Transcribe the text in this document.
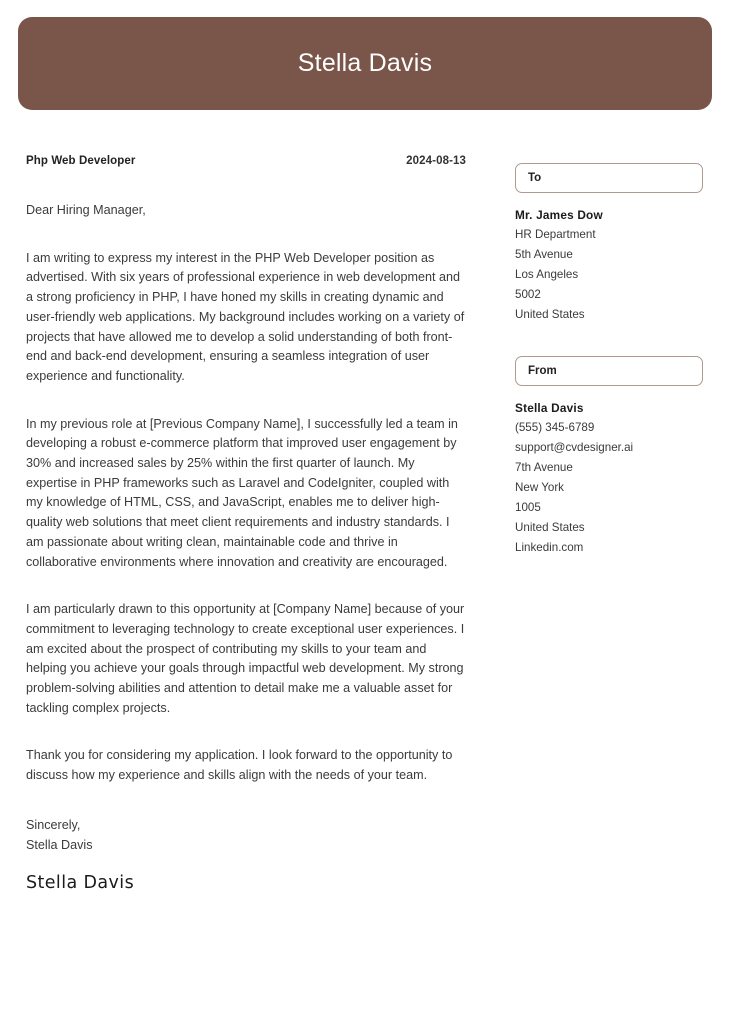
Stella Davis
Php Web Developer	2024-08-13

Dear Hiring Manager,

I am writing to express my interest in the PHP Web Developer position as advertised. With six years of professional experience in web development and a strong proficiency in PHP, I have honed my skills in creating dynamic and user-friendly web applications. My background includes working on a variety of projects that have allowed me to develop a solid understanding of both front-end and back-end development, ensuring a seamless integration of user experience and functionality.

In my previous role at [Previous Company Name], I successfully led a team in developing a robust e-commerce platform that improved user engagement by 30% and increased sales by 25% within the first quarter of launch. My expertise in PHP frameworks such as Laravel and CodeIgniter, coupled with my knowledge of HTML, CSS, and JavaScript, enables me to deliver high-quality web solutions that meet client requirements and industry standards. I am passionate about writing clean, maintainable code and thrive in collaborative environments where innovation and creativity are encouraged.

I am particularly drawn to this opportunity at [Company Name] because of your commitment to leveraging technology to create exceptional user experiences. I am excited about the prospect of contributing my skills to your team and helping you achieve your goals through impactful web development. My strong problem-solving abilities and attention to detail make me a valuable asset for tackling complex projects.

Thank you for considering my application. I look forward to the opportunity to discuss how my experience and skills align with the needs of your team.

Sincerely,
Stella Davis
Stella Davis
To
Mr. James Dow
HR Department
5th Avenue
Los Angeles
5002
United States
From
Stella Davis
(555) 345-6789
support@cvdesigner.ai
7th Avenue
New York
1005
United States
Linkedin.com
